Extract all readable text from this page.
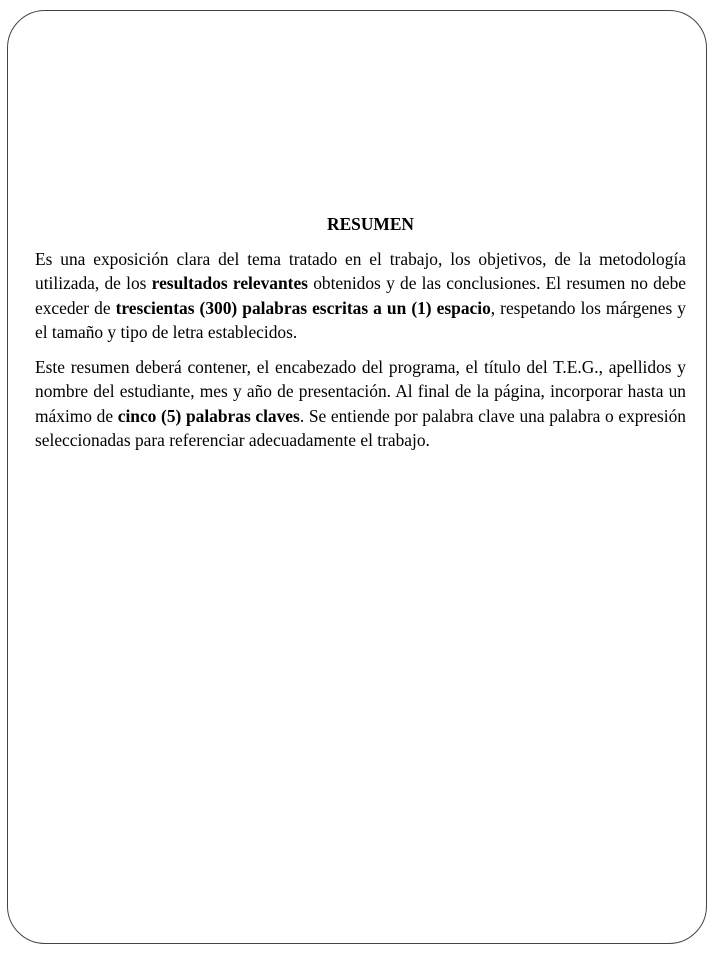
RESUMEN

Es una exposición clara del tema tratado en el trabajo, los objetivos, de la metodología utilizada, de los resultados relevantes obtenidos y de las conclusiones. El resumen no debe exceder de trescientas (300) palabras escritas a un (1) espacio, respetando los márgenes y el tamaño y tipo de letra establecidos.

Este resumen deberá contener, el encabezado del programa, el título del T.E.G., apellidos y nombre del estudiante, mes y año de presentación. Al final de la página, incorporar hasta un máximo de cinco (5) palabras claves. Se entiende por palabra clave una palabra o expresión seleccionadas para referenciar adecuadamente el trabajo.
